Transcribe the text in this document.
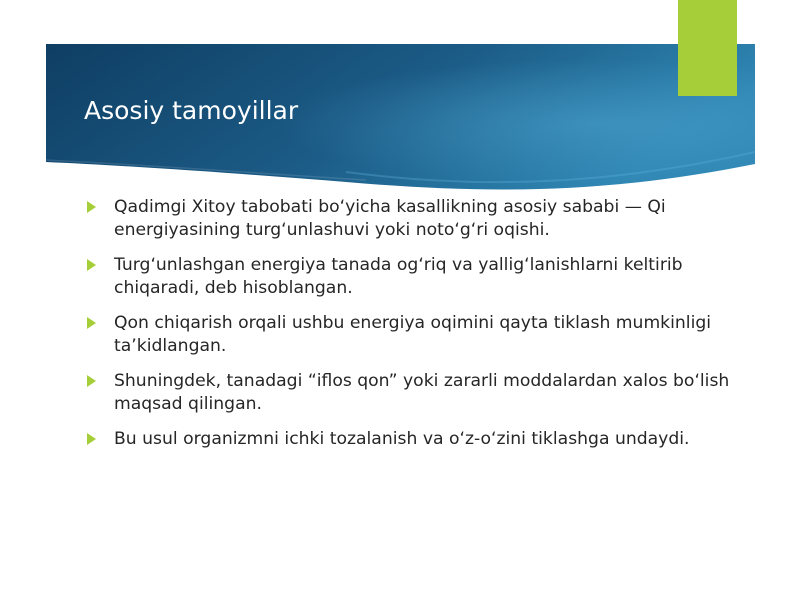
Asosiy tamoyillar
Qadimgi Xitoy tabobati bo‘yicha kasallikning asosiy sababi — Qi energiyasining turg‘unlashuvi yoki noto‘g‘ri oqishi.
Turg‘unlashgan energiya tanada og‘riq va yallig‘lanishlarni keltirib chiqaradi, deb hisoblangan.
Qon chiqarish orqali ushbu energiya oqimini qayta tiklash mumkinligi ta’kidlangan.
Shuningdek, tanadagi “iflos qon” yoki zararli moddalardan xalos bo‘lish maqsad qilingan.
Bu usul organizmni ichki tozalanish va o‘z-o‘zini tiklashga undaydi.
